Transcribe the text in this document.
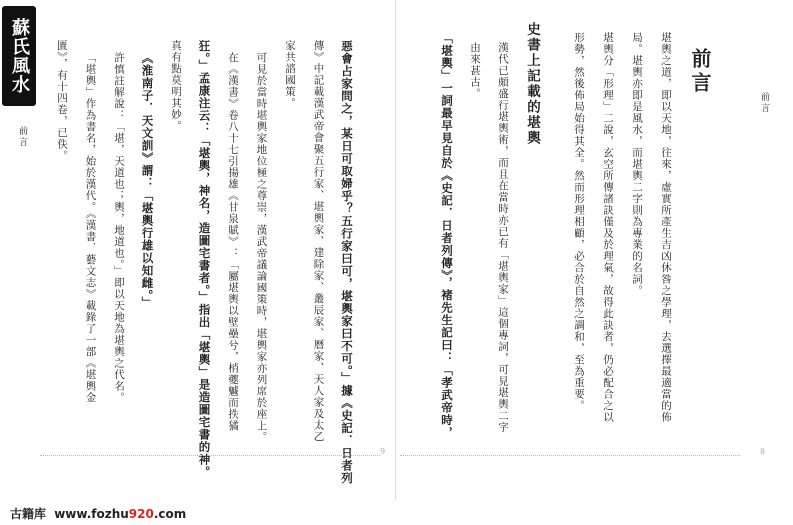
蘇氏風水
前言	惡會占家問之，某日可取婦乎？五行家曰可，堪輿家曰不可。」據《史記．日者列
傳》中記載漢武帝會聚五行家、堪輿家、建除家、叢辰家、曆家、天人家及太乙
家共諮國策。
可見於當時堪輿家地位極之尊崇，漢武帝議論國策時，堪輿家亦列席於座上。
在《漢書》卷八十七引揚雄《甘泉賦》：「屬堪輿以壁壘兮，梢夔魖而抶獝
狂。」孟康注云：「堪輿，神名，造圖宅書者。」指出「堪輿」是造圖宅書的神。
真有點莫明其妙。
《淮南子．天文訓》謂：「堪輿行雄以知雌。」
許慎註解說：「堪，天道也；輿，地道也。」即以天地為堪輿之代名。
「堪輿」作為書名，始於漢代。《漢書．藝文志》載錄了一部《堪輿金
匱》，有十四卷，已佚。
9
前言
堪輿之道，即以天地，往來，虛實所產生吉凶休咎之學理，去選擇最適當的佈
局。堪輿亦即是風水，而堪輿二字則為專業的名詞。
堪輿分「形理」二說，玄空所傳諸訣僅及於理氣，故得此訣者，仍必配合之以
形勢，然後佈局始得其全。然而形理相顧，必合於自然之調和，至為重要。
史書上記載的堪輿
漢代已頗盛行堪輿術，而且在當時亦已有「堪輿家」這個專詞，可見堪輿二字
由來甚古。
「堪輿」一詞最早見自於《史記．日者列傳》，褚先生記曰：「孝武帝時，	前言
8
古籍库 www.fozhu920.com
